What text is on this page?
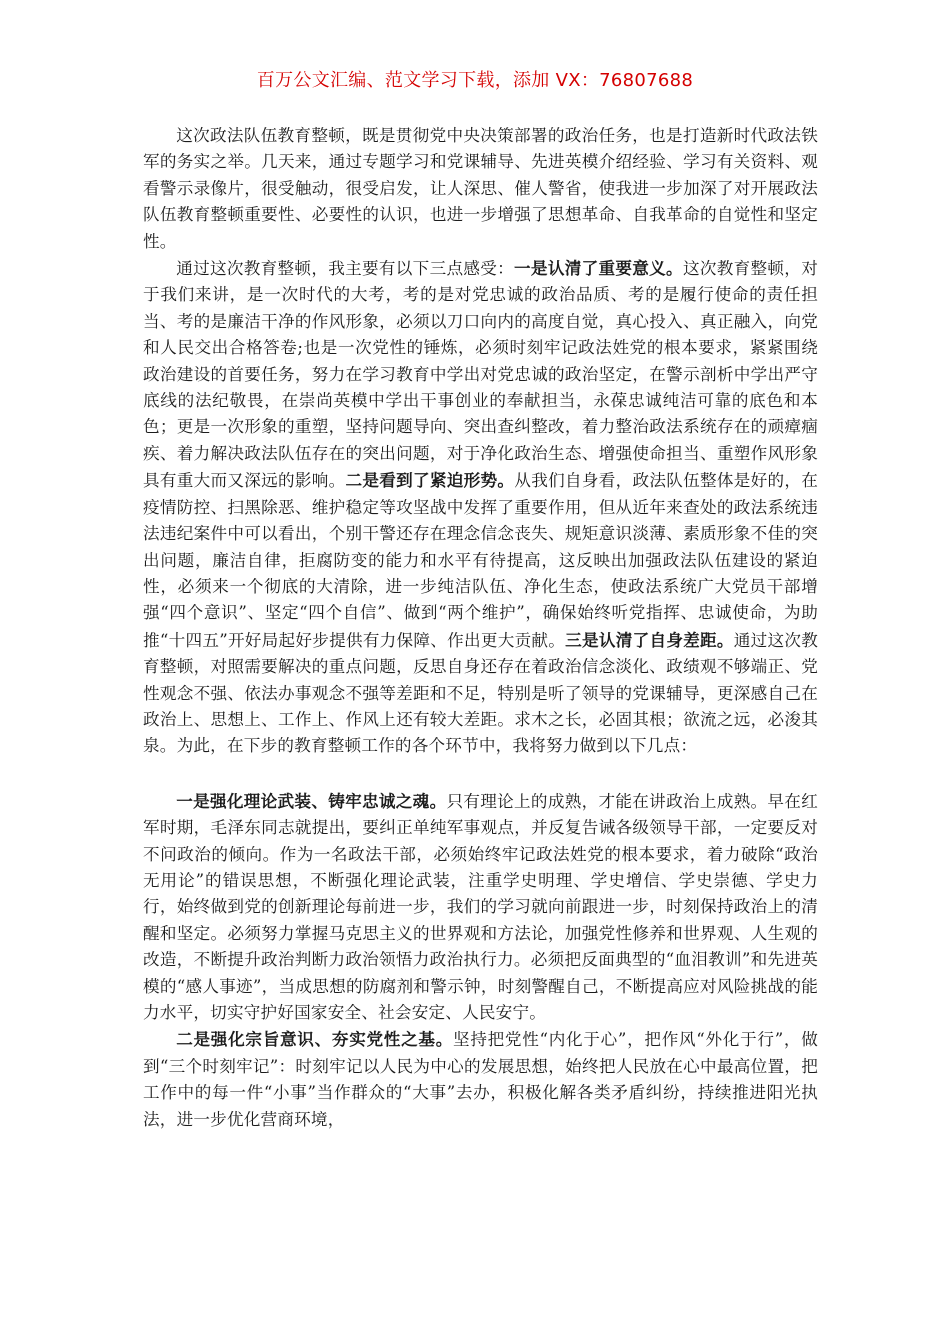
百万公文汇编、范文学习下载，添加 VX：76807688

这次政法队伍教育整顿，既是贯彻党中央决策部署的政治任务，也是打造新时代政法铁军的务实之举。几天来，通过专题学习和党课辅导、先进英模介绍经验、学习有关资料、观看警示录像片，很受触动，很受启发，让人深思、催人警省，使我进一步加深了对开展政法队伍教育整顿重要性、必要性的认识，也进一步增强了思想革命、自我革命的自觉性和坚定性。

通过这次教育整顿，我主要有以下三点感受：一是认清了重要意义。这次教育整顿，对于我们来讲，是一次时代的大考，考的是对党忠诚的政治品质、考的是履行使命的责任担当、考的是廉洁干净的作风形象，必须以刀口向内的高度自觉，真心投入、真正融入，向党和人民交出合格答卷;也是一次党性的锤炼，必须时刻牢记政法姓党的根本要求，紧紧围绕政治建设的首要任务，努力在学习教育中学出对党忠诚的政治坚定，在警示剖析中学出严守底线的法纪敬畏，在崇尚英模中学出干事创业的奉献担当，永葆忠诚纯洁可靠的底色和本色；更是一次形象的重塑，坚持问题导向、突出查纠整改，着力整治政法系统存在的顽瘴痼疾、着力解决政法队伍存在的突出问题，对于净化政治生态、增强使命担当、重塑作风形象具有重大而又深远的影响。二是看到了紧迫形势。从我们自身看，政法队伍整体是好的，在疫情防控、扫黑除恶、维护稳定等攻坚战中发挥了重要作用，但从近年来查处的政法系统违法违纪案件中可以看出，个别干警还存在理念信念丧失、规矩意识淡薄、素质形象不佳的突出问题，廉洁自律，拒腐防变的能力和水平有待提高，这反映出加强政法队伍建设的紧迫性，必须来一个彻底的大清除，进一步纯洁队伍、净化生态，使政法系统广大党员干部增强“四个意识”、坚定“四个自信”、做到“两个维护”，确保始终听党指挥、忠诚使命，为助推“十四五”开好局起好步提供有力保障、作出更大贡献。三是认清了自身差距。通过这次教育整顿，对照需要解决的重点问题，反思自身还存在着政治信念淡化、政绩观不够端正、党性观念不强、依法办事观念不强等差距和不足，特别是听了领导的党课辅导，更深感自己在政治上、思想上、工作上、作风上还有较大差距。求木之长，必固其根；欲流之远，必浚其泉。为此，在下步的教育整顿工作的各个环节中，我将努力做到以下几点：

一是强化理论武装、铸牢忠诚之魂。只有理论上的成熟，才能在讲政治上成熟。早在红军时期，毛泽东同志就提出，要纠正单纯军事观点，并反复告诫各级领导干部，一定要反对不问政治的倾向。作为一名政法干部，必须始终牢记政法姓党的根本要求，着力破除“政治无用论”的错误思想，不断强化理论武装，注重学史明理、学史增信、学史崇德、学史力行，始终做到党的创新理论每前进一步，我们的学习就向前跟进一步，时刻保持政治上的清醒和坚定。必须努力掌握马克思主义的世界观和方法论，加强党性修养和世界观、人生观的改造，不断提升政治判断力政治领悟力政治执行力。必须把反面典型的“血泪教训”和先进英模的“感人事迹”，当成思想的防腐剂和警示钟，时刻警醒自己，不断提高应对风险挑战的能力水平，切实守护好国家安全、社会安定、人民安宁。

二是强化宗旨意识、夯实党性之基。坚持把党性“内化于心”，把作风“外化于行”，做到“三个时刻牢记”：时刻牢记以人民为中心的发展思想，始终把人民放在心中最高位置，把工作中的每一件“小事”当作群众的“大事”去办，积极化解各类矛盾纠纷，持续推进阳光执法，进一步优化营商环境，
